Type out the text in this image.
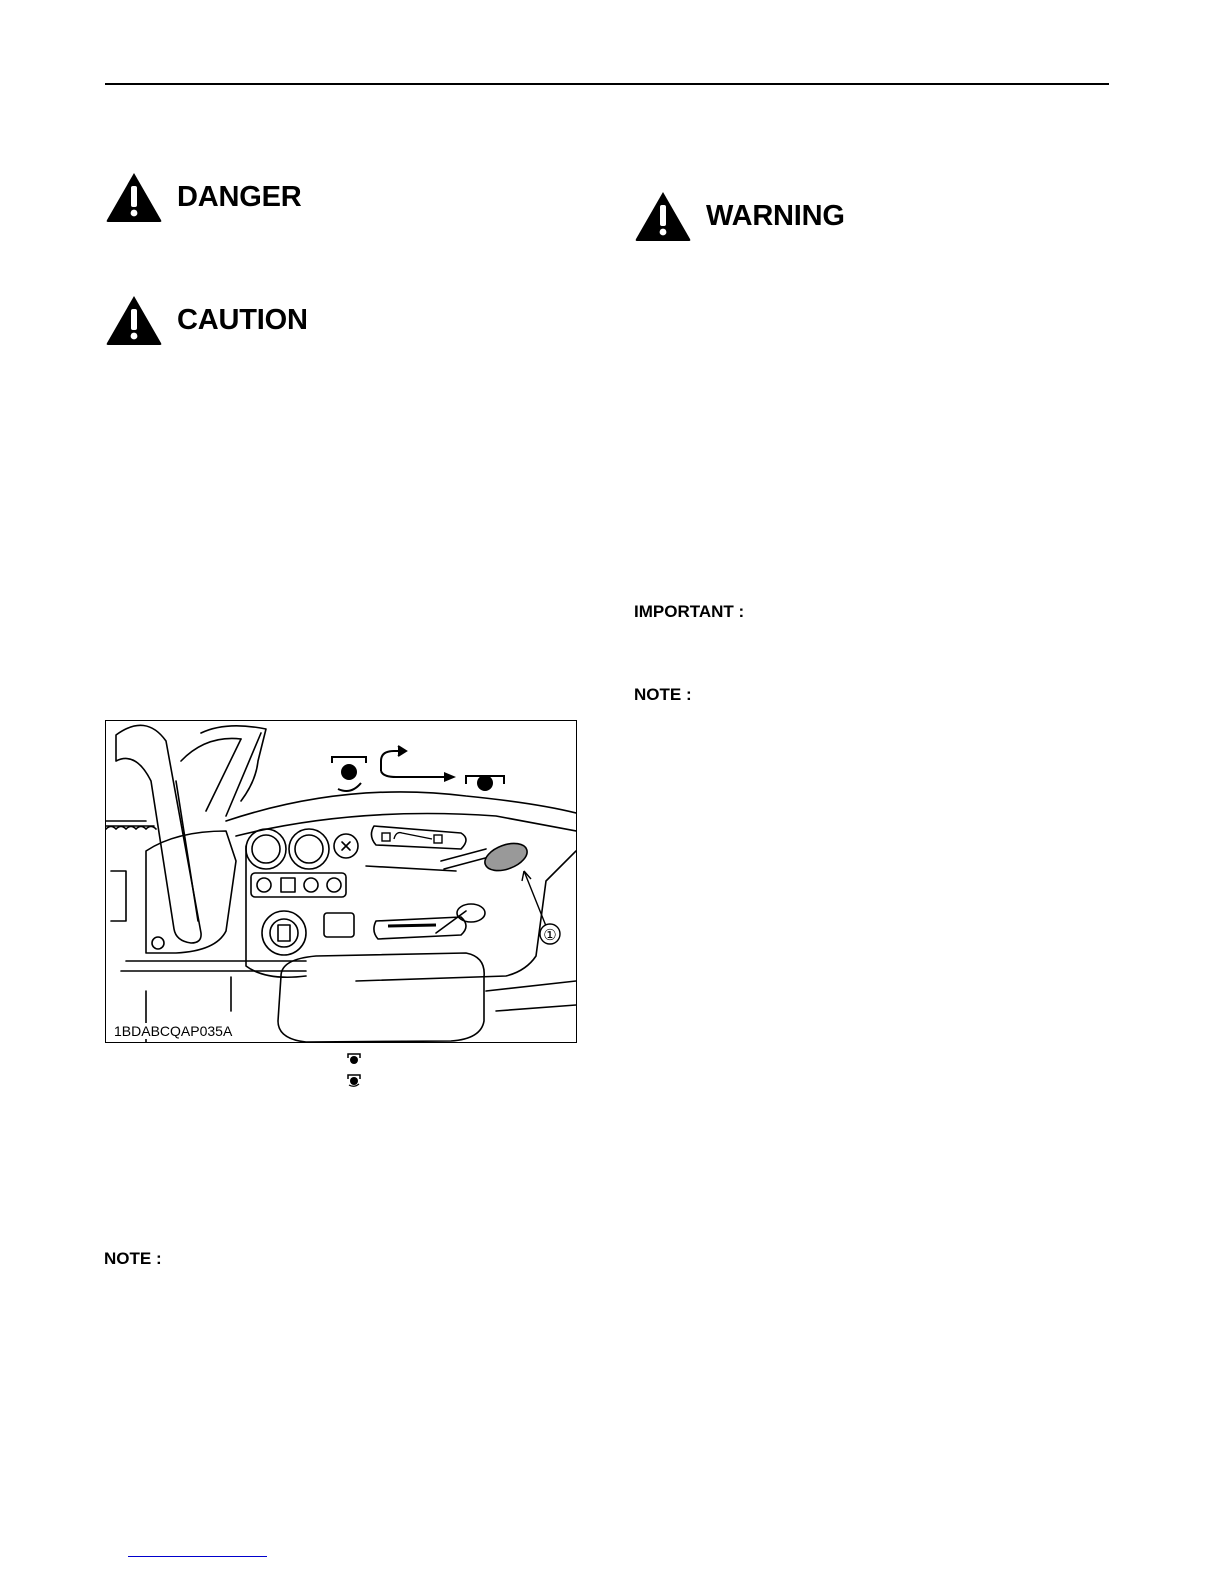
DANGER
CAUTION
WARNING
IMPORTANT :
NOTE :
NOTE :
①
1BDABCQAP035A
